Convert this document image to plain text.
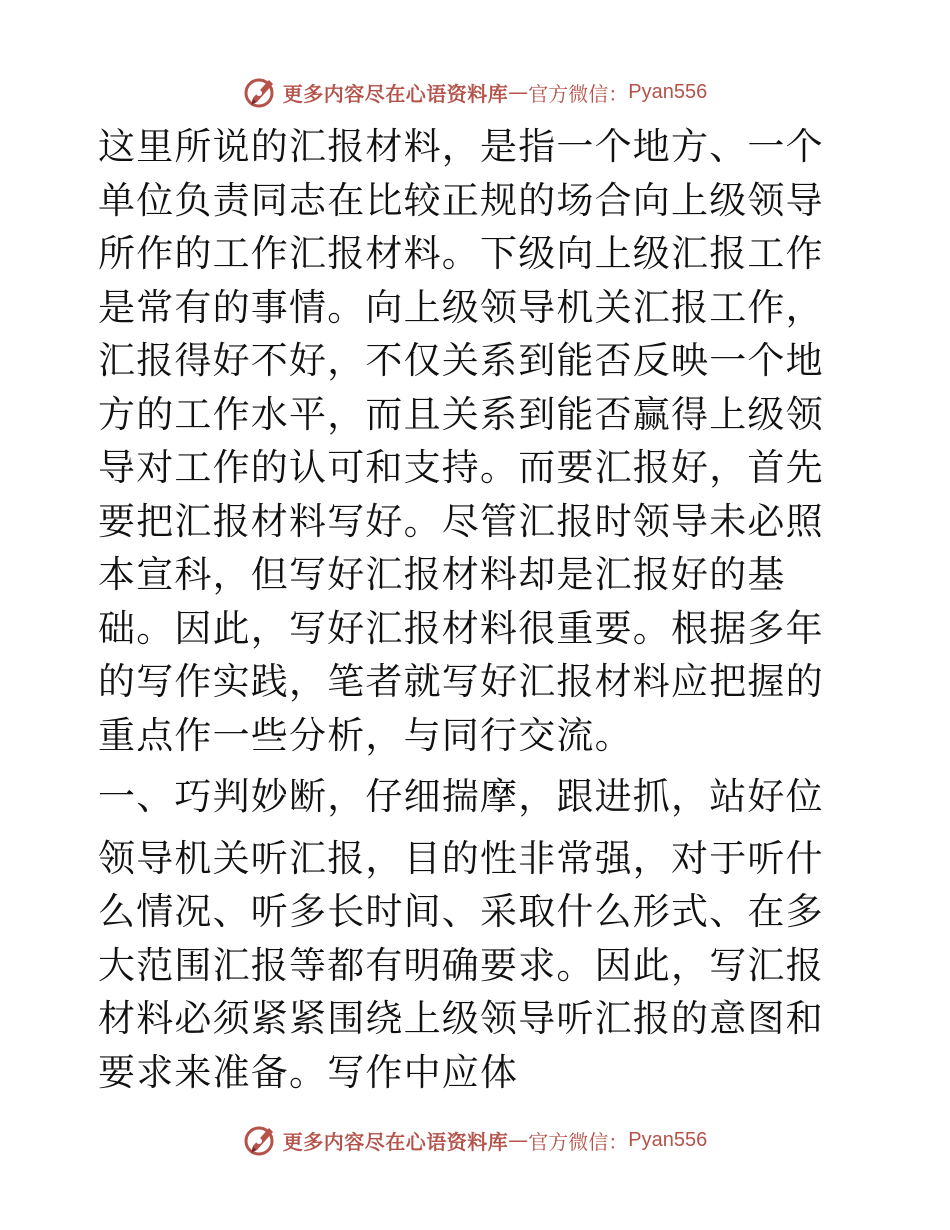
更多内容尽在心语资料库 — 官方微信： Pyan556

这里所说的汇报材料，是指一个地方、一个单位负责同志在比较正规的场合向上级领导所作的工作汇报材料。下级向上级汇报工作是常有的事情。向上级领导机关汇报工作，汇报得好不好，不仅关系到能否反映一个地方的工作水平，而且关系到能否赢得上级领导对工作的认可和支持。而要汇报好，首先要把汇报材料写好。尽管汇报时领导未必照本宣科，但写好汇报材料却是汇报好的基础。因此，写好汇报材料很重要。根据多年的写作实践，笔者就写好汇报材料应把握的重点作一些分析，与同行交流。

一、巧判妙断，仔细揣摩，跟进抓，站好位

领导机关听汇报，目的性非常强，对于听什么情况、听多长时间、采取什么形式、在多大范围汇报等都有明确要求。因此，写汇报材料必须紧紧围绕上级领导听汇报的意图和要求来准备。写作中应体

更多内容尽在心语资料库 — 官方微信： Pyan556
